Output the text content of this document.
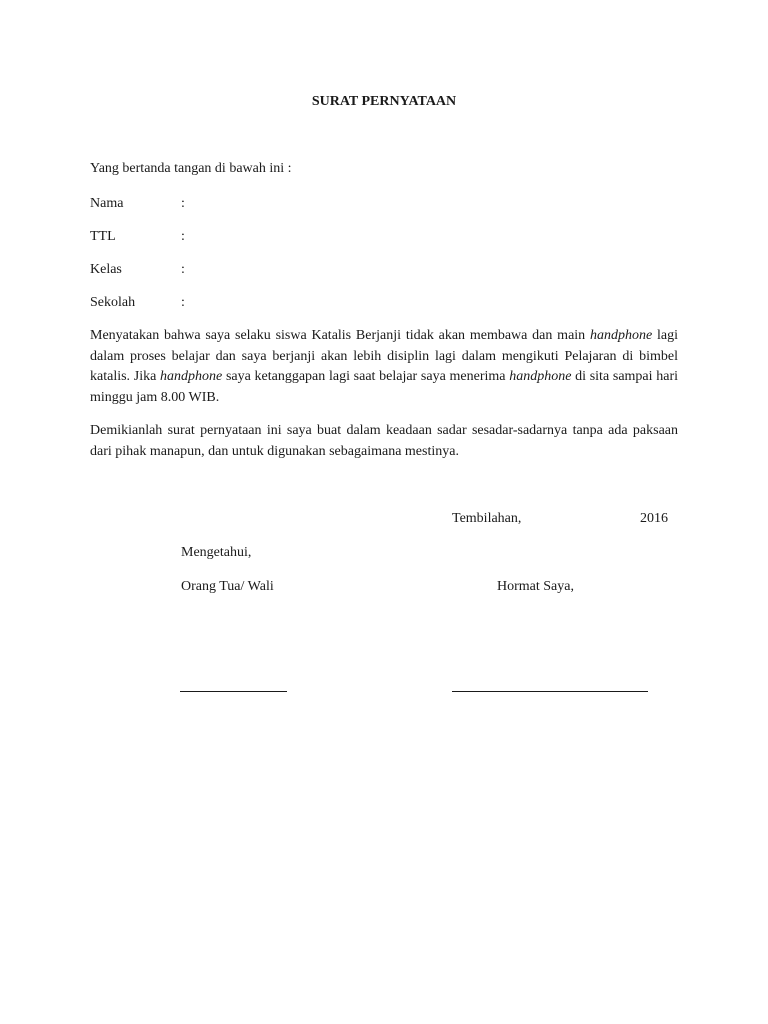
SURAT PERNYATAAN
Yang bertanda tangan di bawah ini :
Nama	:
TTL	:
Kelas	:
Sekolah	:
Menyatakan bahwa saya selaku siswa Katalis Berjanji tidak akan membawa dan main handphone lagi dalam proses belajar dan saya berjanji akan lebih disiplin lagi dalam mengikuti Pelajaran di bimbel katalis. Jika handphone saya ketanggapan lagi saat belajar saya menerima handphone di sita sampai hari minggu jam 8.00 WIB.
Demikianlah surat pernyataan ini saya buat dalam keadaan sadar sesadar-sadarnya tanpa ada paksaan dari pihak manapun, dan untuk digunakan sebagaimana mestinya.
Tembilahan,	2016
Mengetahui,
Orang Tua/ Wali	Hormat Saya,
